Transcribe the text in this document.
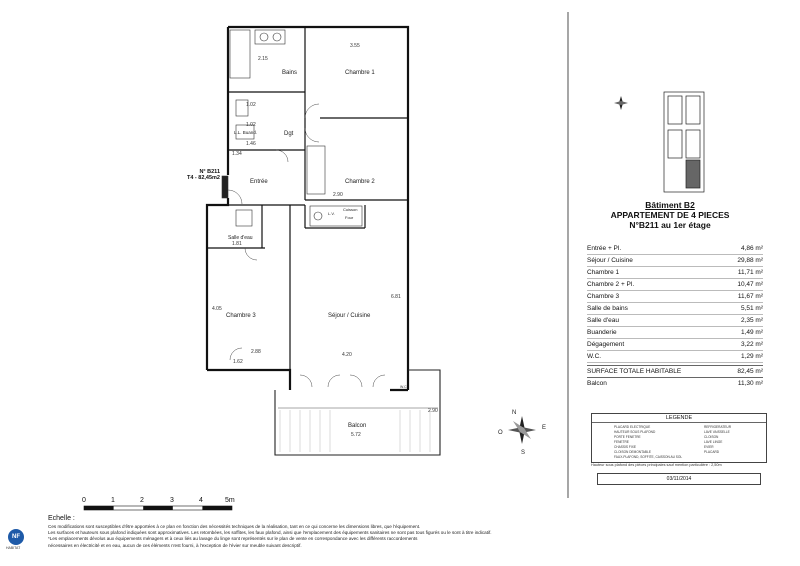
Bains	Chambre 1
Dgt
L.L. Buand.
Entrée	Chambre 2
L.V.
Cuisson
Four
Salle d'eau
Chambre 3	Séjour / Cuisine
Balcon
3.55
2.15
1.02
1.02
1.46
1.34
2.90
1.81
4.05
2.88	4.20
6.81
5.72
1.62
2.90
W.C.
N
E
S
O
N° B211
T4 - 82,45m2
Bâtiment B2
APPARTEMENT DE 4 PIECES
N°B211 au 1er étage
Entrée + Pl.	4,86 m²
Séjour / Cuisine	29,88 m²
Chambre 1	11,71 m²
Chambre 2 + Pl.	10,47 m²
Chambre 3	11,67 m²
Salle de bains	5,51 m²
Salle d'eau	2,35 m²
Buanderie	1,49 m²
Dégagement	3,22 m²
W.C.	1,29 m²
SURFACE TOTALE HABITABLE	82,45 m²
Balcon	11,30 m²
LEGENDE
PLACARD ELECTRIQUE
HAUTEUR SOUS PLAFOND
PORTE FENETRE
FENETRE
CHASSIS FIXE
CLOISON DEMONTABLE
FAUX-PLAFOND, SOFFITE, CAISSON AU SOL
REFRIGERATEUR
LAVE VAISSELLE
CLOISON
LAVE LINGE
EVIER
PLACARD
Hauteur sous plafond des pièces principales sauf mention particulière : 2,50m
03/11/2014
0	1	2	3	4	5m
Echelle :
Ces modifications sont susceptibles d'être apportées à ce plan en fonction des nécessités techniques de la réalisation, tant en ce qui concerne les dimensions libres, que l'équipement.
Les surfaces et hauteurs sous plafond indiquées sont approximatives. Les retombées, les soffites, les faux plafond, ainsi que l'emplacement des équipements sanitaires ne sont pas tous figurés ou le sont à titre indicatif.
*Les emplacements dévolus aux équipements ménagers et à ceux liés au lavage du linge sont représentés sur le plan de vente en correspondance avec les différents raccordements
nécessaires en électricité et en eau, aucun de ces éléments n'est fourni, à l'exception de l'évier sur meuble suivant descriptif.
NF
HABITAT
